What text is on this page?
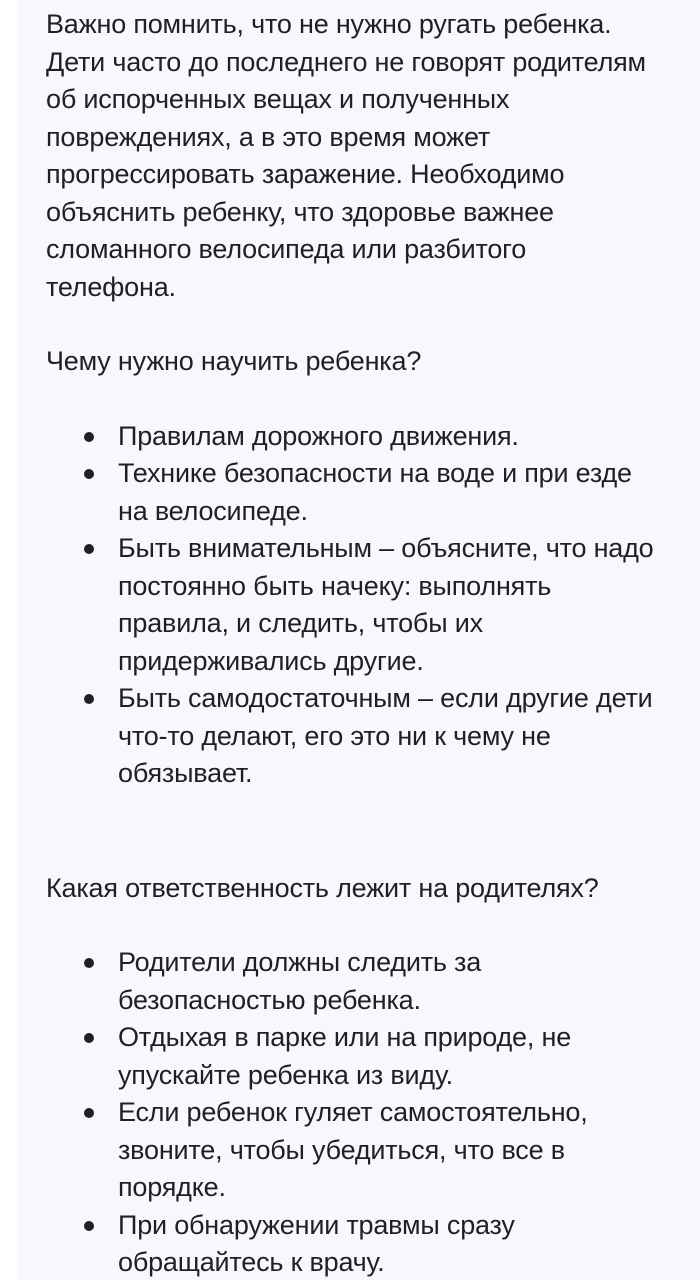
Важно помнить, что не нужно ругать ребенка. Дети часто до последнего не говорят родителям об испорченных вещах и полученных повреждениях, а в это время может прогрессировать заражение. Необходимо объяснить ребенку, что здоровье важнее сломанного велосипеда или разбитого телефона.

Чему нужно научить ребенка?

Правилам дорожного движения.
Технике безопасности на воде и при езде на велосипеде.
Быть внимательным – объясните, что надо постоянно быть начеку: выполнять правила, и следить, чтобы их придерживались другие.
Быть самодостаточным – если другие дети что-то делают, его это ни к чему не обязывает.

Какая ответственность лежит на родителях?

Родители должны следить за безопасностью ребенка.
Отдыхая в парке или на природе, не упускайте ребенка из виду.
Если ребенок гуляет самостоятельно, звоните, чтобы убедиться, что все в порядке.
При обнаружении травмы сразу обращайтесь к врачу.
